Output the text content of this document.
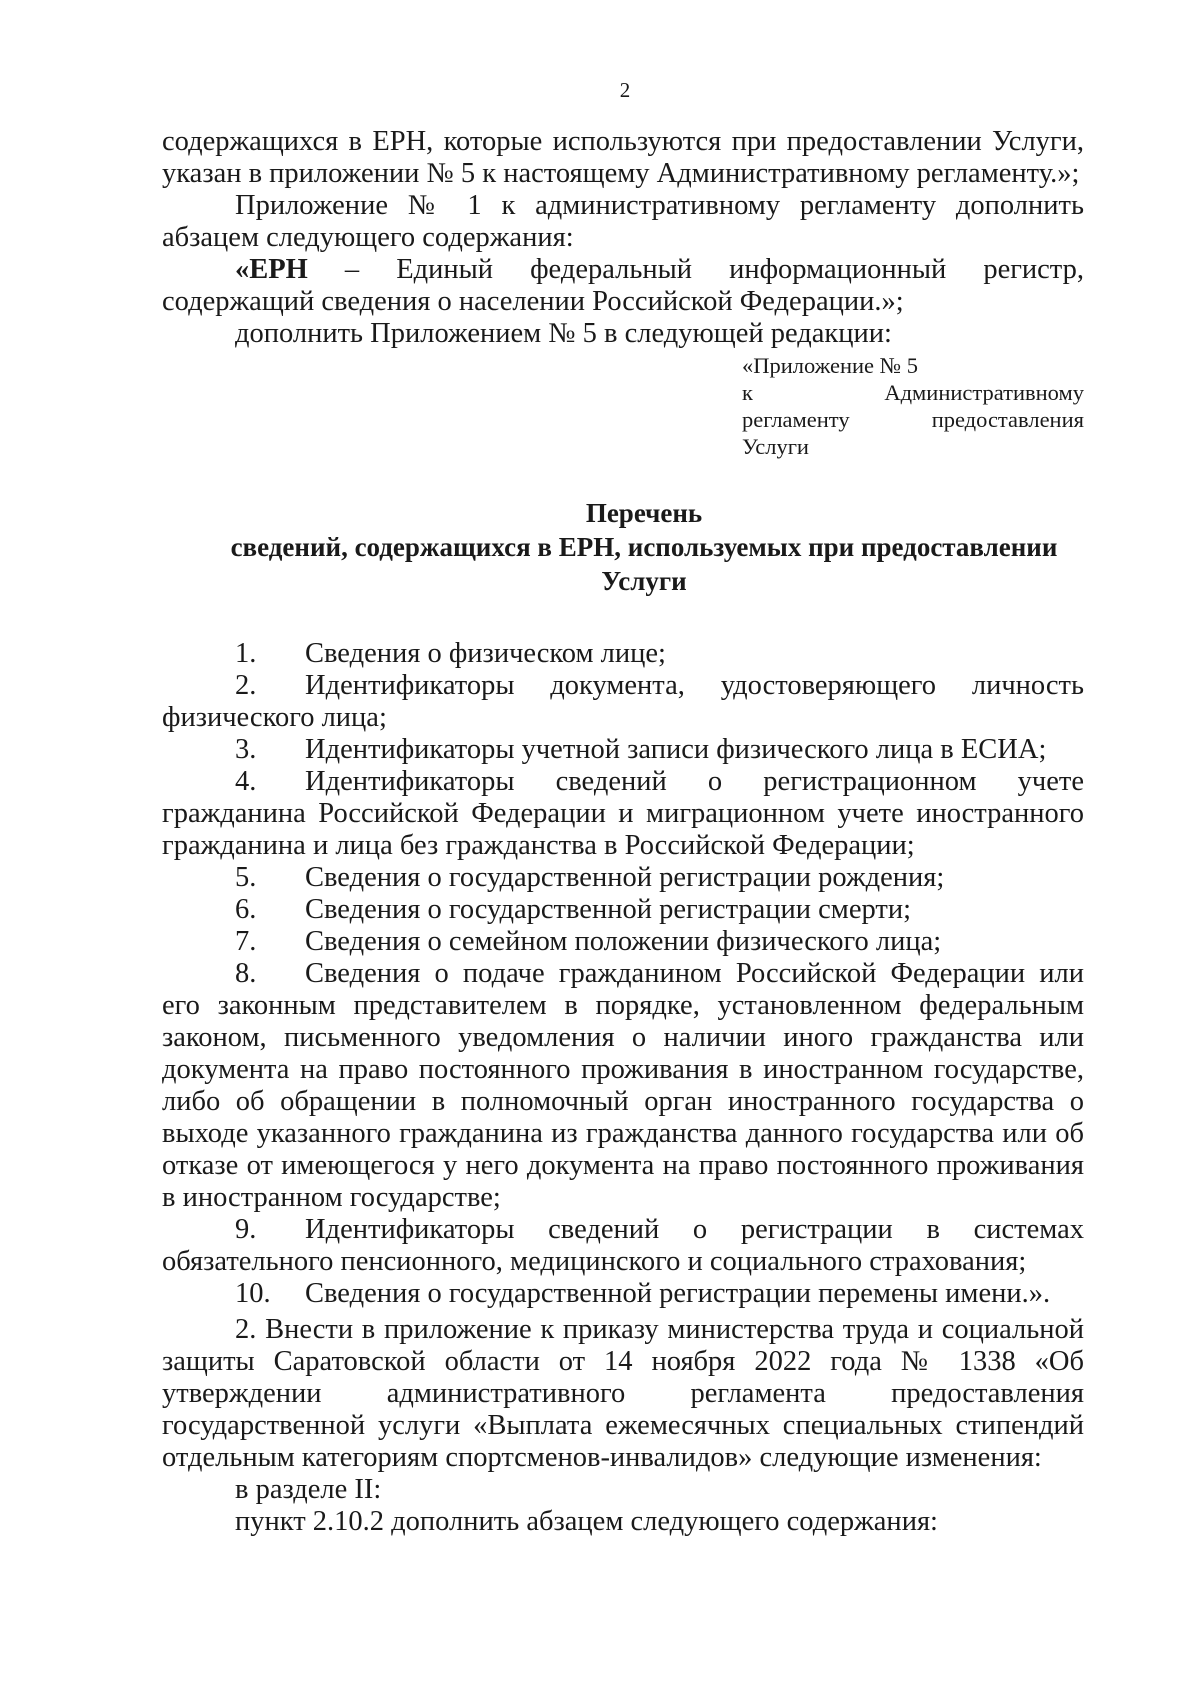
2

содержащихся в ЕРН, которые используются при предоставлении Услуги, указан в приложении № 5 к настоящему Административному регламенту.»;

Приложение № 1 к административному регламенту дополнить абзацем следующего содержания:

«ЕРН – Единый федеральный информационный регистр, содержащий сведения о населении Российской Федерации.»;

дополнить Приложением № 5 в следующей редакции:

«Приложение № 5

к Административному

регламенту предоставления

Услуги

Перечень

сведений, содержащихся в ЕРН, используемых при предоставлении

Услуги

1. Сведения о физическом лице;

2. Идентификаторы документа, удостоверяющего личность физического лица;

3. Идентификаторы учетной записи физического лица в ЕСИА;

4. Идентификаторы сведений о регистрационном учете гражданина Российской Федерации и миграционном учете иностранного гражданина и лица без гражданства в Российской Федерации;

5. Сведения о государственной регистрации рождения;

6. Сведения о государственной регистрации смерти;

7. Сведения о семейном положении физического лица;

8. Сведения о подаче гражданином Российской Федерации или его законным представителем в порядке, установленном федеральным законом, письменного уведомления о наличии иного гражданства или документа на право постоянного проживания в иностранном государстве, либо об обращении в полномочный орган иностранного государства о выходе указанного гражданина из гражданства данного государства или об отказе от имеющегося у него документа на право постоянного проживания в иностранном государстве;

9. Идентификаторы сведений о регистрации в системах обязательного пенсионного, медицинского и социального страхования;

10. Сведения о государственной регистрации перемены имени.».

2. Внести в приложение к приказу министерства труда и социальной защиты Саратовской области от 14 ноября 2022 года № 1338 «Об утверждении административного регламента предоставления государственной услуги «Выплата ежемесячных специальных стипендий отдельным категориям спортсменов-инвалидов» следующие изменения:

в разделе II:

пункт 2.10.2 дополнить абзацем следующего содержания:
